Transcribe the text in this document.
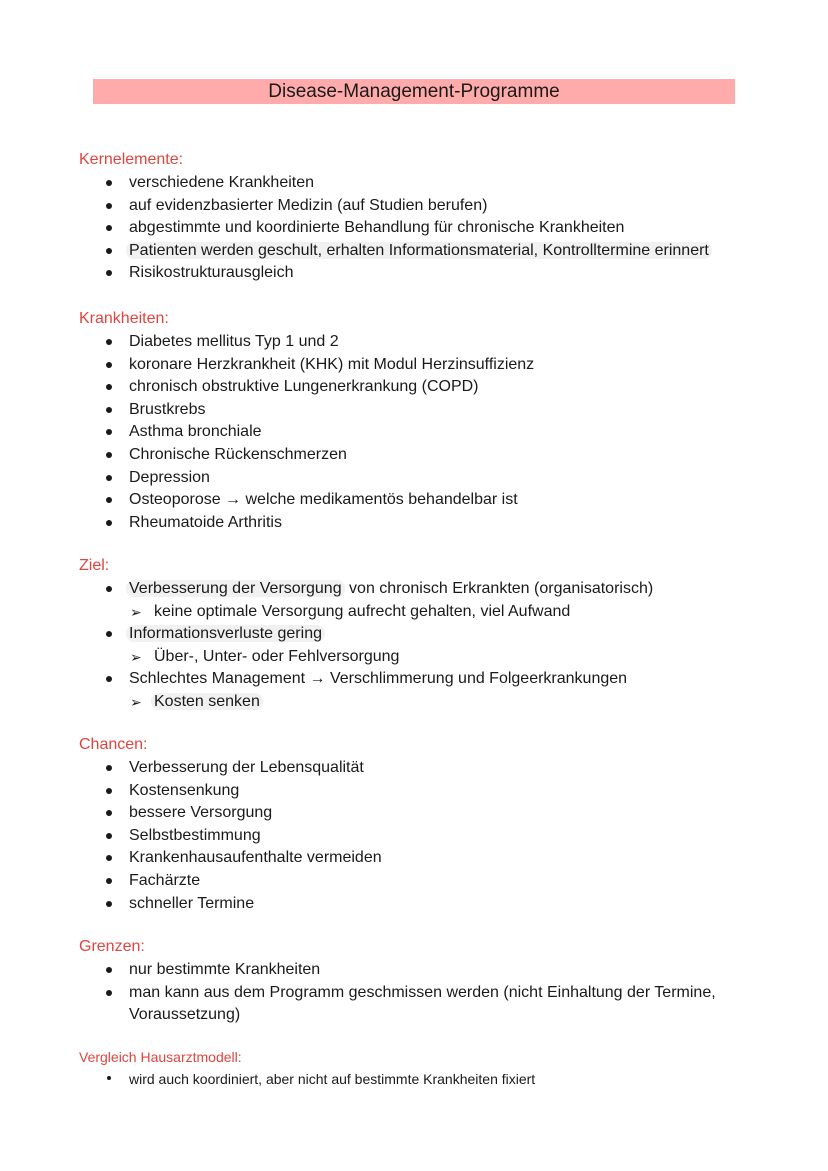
Disease-Management-Programme
Kernelemente:
verschiedene Krankheiten
auf evidenzbasierter Medizin (auf Studien berufen)
abgestimmte und koordinierte Behandlung für chronische Krankheiten
Patienten werden geschult, erhalten Informationsmaterial, Kontrolltermine erinnert
Risikostrukturausgleich
Krankheiten:
Diabetes mellitus Typ 1 und 2
koronare Herzkrankheit (KHK) mit Modul Herzinsuffizienz
chronisch obstruktive Lungenerkrankung (COPD)
Brustkrebs
Asthma bronchiale
Chronische Rückenschmerzen
Depression
Osteoporose → welche medikamentös behandelbar ist
Rheumatoide Arthritis
Ziel:
Verbesserung der Versorgung von chronisch Erkrankten (organisatorisch)
➢ keine optimale Versorgung aufrecht gehalten, viel Aufwand
Informationsverluste gering
➢ Über-, Unter- oder Fehlversorgung
Schlechtes Management → Verschlimmerung und Folgeerkrankungen
➢ Kosten senken
Chancen:
Verbesserung der Lebensqualität
Kostensenkung
bessere Versorgung
Selbstbestimmung
Krankenhausaufenthalte vermeiden
Fachärzte
schneller Termine
Grenzen:
nur bestimmte Krankheiten
man kann aus dem Programm geschmissen werden (nicht Einhaltung der Termine, Voraussetzung)
Vergleich Hausarztmodell:
wird auch koordiniert, aber nicht auf bestimmte Krankheiten fixiert
